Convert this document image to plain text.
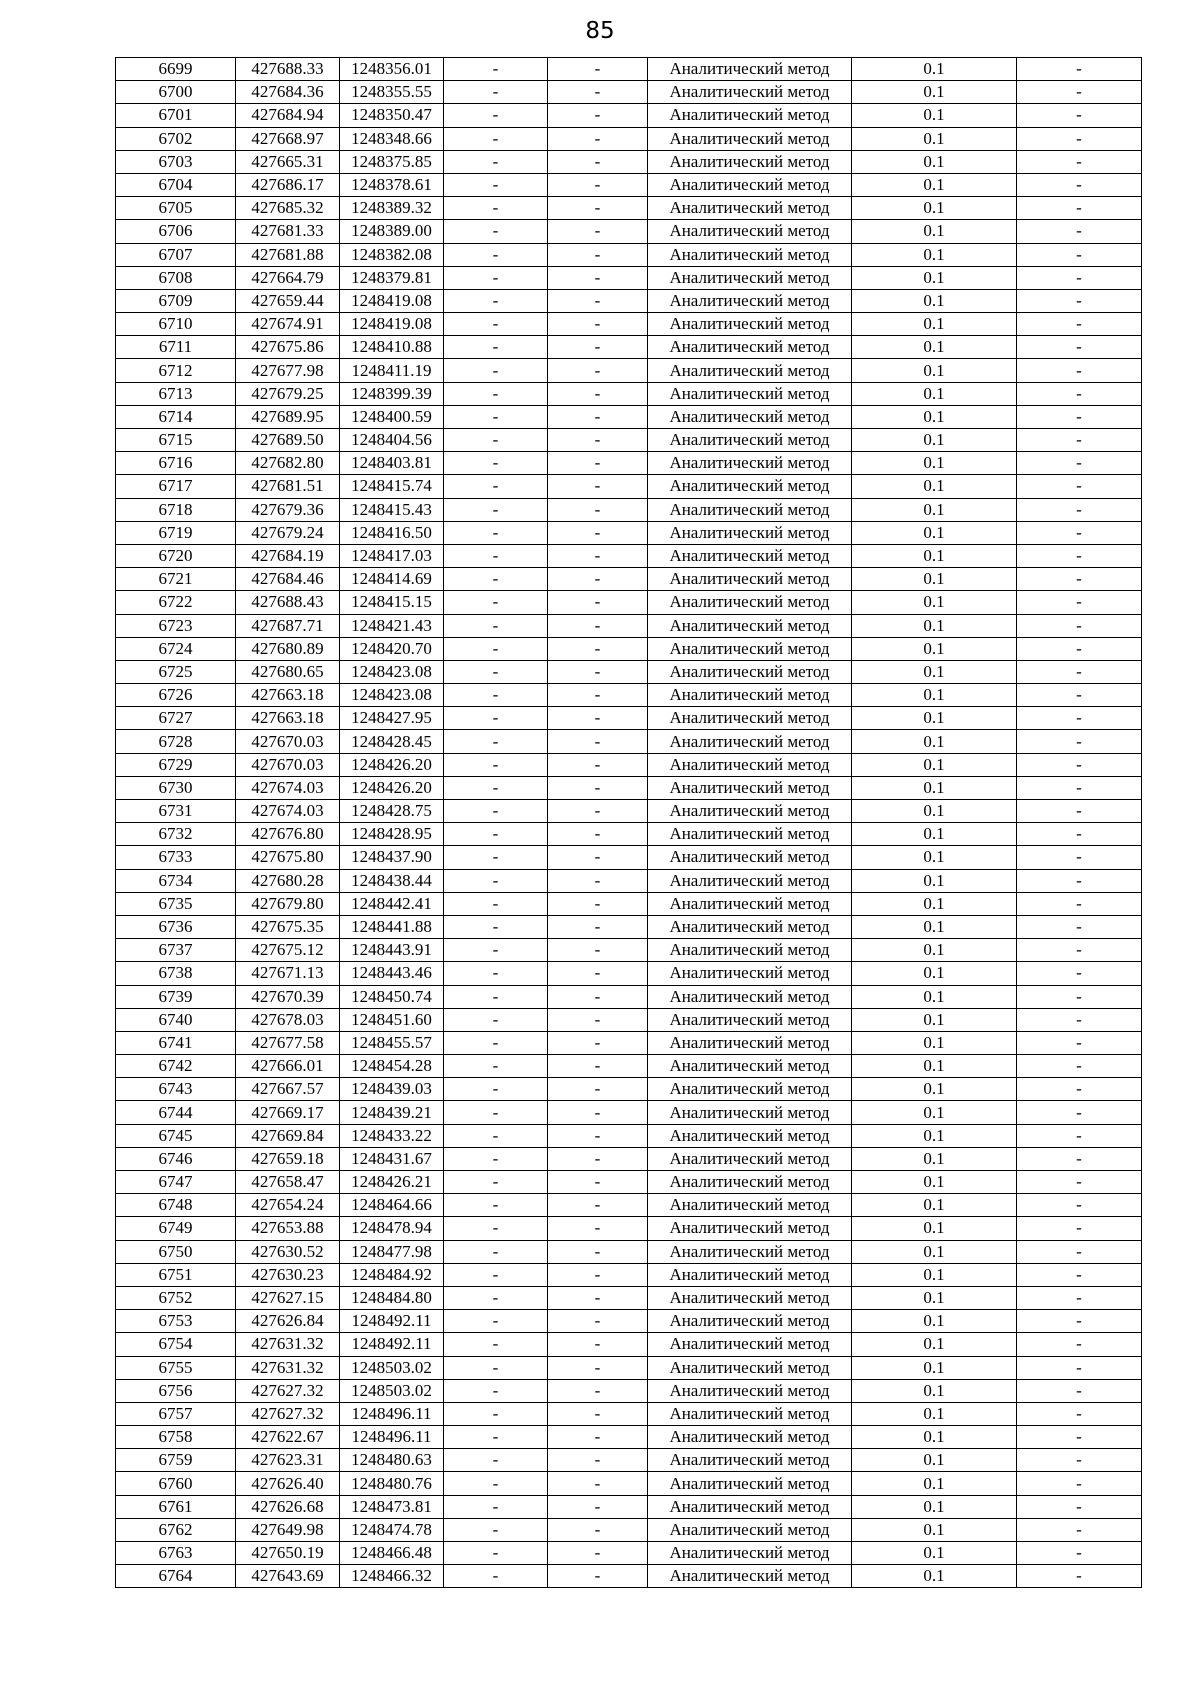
85
6699	427688.33	1248356.01	-	-	Аналитический метод	0.1	-
6700	427684.36	1248355.55	-	-	Аналитический метод	0.1	-
6701	427684.94	1248350.47	-	-	Аналитический метод	0.1	-
6702	427668.97	1248348.66	-	-	Аналитический метод	0.1	-
6703	427665.31	1248375.85	-	-	Аналитический метод	0.1	-
6704	427686.17	1248378.61	-	-	Аналитический метод	0.1	-
6705	427685.32	1248389.32	-	-	Аналитический метод	0.1	-
6706	427681.33	1248389.00	-	-	Аналитический метод	0.1	-
6707	427681.88	1248382.08	-	-	Аналитический метод	0.1	-
6708	427664.79	1248379.81	-	-	Аналитический метод	0.1	-
6709	427659.44	1248419.08	-	-	Аналитический метод	0.1	-
6710	427674.91	1248419.08	-	-	Аналитический метод	0.1	-
6711	427675.86	1248410.88	-	-	Аналитический метод	0.1	-
6712	427677.98	1248411.19	-	-	Аналитический метод	0.1	-
6713	427679.25	1248399.39	-	-	Аналитический метод	0.1	-
6714	427689.95	1248400.59	-	-	Аналитический метод	0.1	-
6715	427689.50	1248404.56	-	-	Аналитический метод	0.1	-
6716	427682.80	1248403.81	-	-	Аналитический метод	0.1	-
6717	427681.51	1248415.74	-	-	Аналитический метод	0.1	-
6718	427679.36	1248415.43	-	-	Аналитический метод	0.1	-
6719	427679.24	1248416.50	-	-	Аналитический метод	0.1	-
6720	427684.19	1248417.03	-	-	Аналитический метод	0.1	-
6721	427684.46	1248414.69	-	-	Аналитический метод	0.1	-
6722	427688.43	1248415.15	-	-	Аналитический метод	0.1	-
6723	427687.71	1248421.43	-	-	Аналитический метод	0.1	-
6724	427680.89	1248420.70	-	-	Аналитический метод	0.1	-
6725	427680.65	1248423.08	-	-	Аналитический метод	0.1	-
6726	427663.18	1248423.08	-	-	Аналитический метод	0.1	-
6727	427663.18	1248427.95	-	-	Аналитический метод	0.1	-
6728	427670.03	1248428.45	-	-	Аналитический метод	0.1	-
6729	427670.03	1248426.20	-	-	Аналитический метод	0.1	-
6730	427674.03	1248426.20	-	-	Аналитический метод	0.1	-
6731	427674.03	1248428.75	-	-	Аналитический метод	0.1	-
6732	427676.80	1248428.95	-	-	Аналитический метод	0.1	-
6733	427675.80	1248437.90	-	-	Аналитический метод	0.1	-
6734	427680.28	1248438.44	-	-	Аналитический метод	0.1	-
6735	427679.80	1248442.41	-	-	Аналитический метод	0.1	-
6736	427675.35	1248441.88	-	-	Аналитический метод	0.1	-
6737	427675.12	1248443.91	-	-	Аналитический метод	0.1	-
6738	427671.13	1248443.46	-	-	Аналитический метод	0.1	-
6739	427670.39	1248450.74	-	-	Аналитический метод	0.1	-
6740	427678.03	1248451.60	-	-	Аналитический метод	0.1	-
6741	427677.58	1248455.57	-	-	Аналитический метод	0.1	-
6742	427666.01	1248454.28	-	-	Аналитический метод	0.1	-
6743	427667.57	1248439.03	-	-	Аналитический метод	0.1	-
6744	427669.17	1248439.21	-	-	Аналитический метод	0.1	-
6745	427669.84	1248433.22	-	-	Аналитический метод	0.1	-
6746	427659.18	1248431.67	-	-	Аналитический метод	0.1	-
6747	427658.47	1248426.21	-	-	Аналитический метод	0.1	-
6748	427654.24	1248464.66	-	-	Аналитический метод	0.1	-
6749	427653.88	1248478.94	-	-	Аналитический метод	0.1	-
6750	427630.52	1248477.98	-	-	Аналитический метод	0.1	-
6751	427630.23	1248484.92	-	-	Аналитический метод	0.1	-
6752	427627.15	1248484.80	-	-	Аналитический метод	0.1	-
6753	427626.84	1248492.11	-	-	Аналитический метод	0.1	-
6754	427631.32	1248492.11	-	-	Аналитический метод	0.1	-
6755	427631.32	1248503.02	-	-	Аналитический метод	0.1	-
6756	427627.32	1248503.02	-	-	Аналитический метод	0.1	-
6757	427627.32	1248496.11	-	-	Аналитический метод	0.1	-
6758	427622.67	1248496.11	-	-	Аналитический метод	0.1	-
6759	427623.31	1248480.63	-	-	Аналитический метод	0.1	-
6760	427626.40	1248480.76	-	-	Аналитический метод	0.1	-
6761	427626.68	1248473.81	-	-	Аналитический метод	0.1	-
6762	427649.98	1248474.78	-	-	Аналитический метод	0.1	-
6763	427650.19	1248466.48	-	-	Аналитический метод	0.1	-
6764	427643.69	1248466.32	-	-	Аналитический метод	0.1	-
